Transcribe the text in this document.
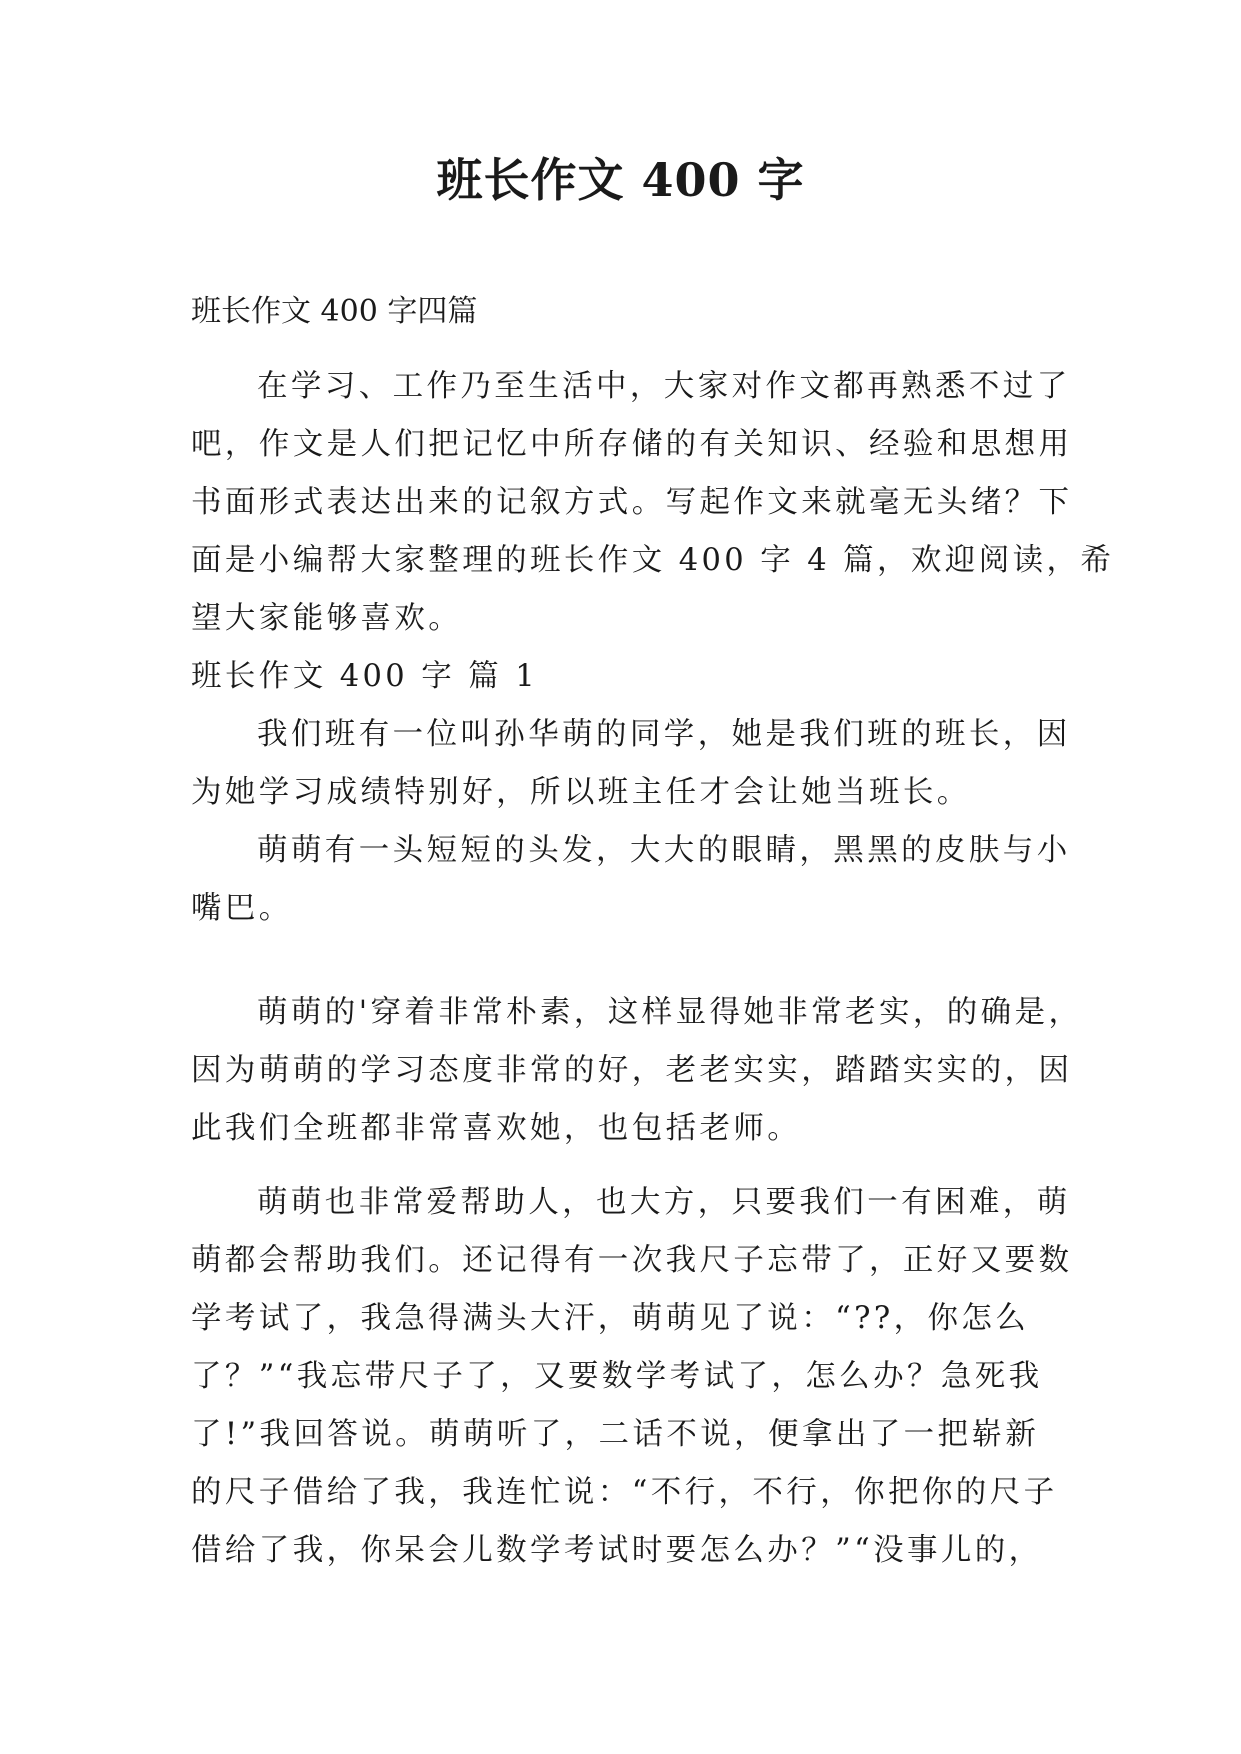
班长作文 400 字
班长作文 400 字四篇
在学习、工作乃至生活中，大家对作文都再熟悉不过了
吧，作文是人们把记忆中所存储的有关知识、经验和思想用
书面形式表达出来的记叙方式。写起作文来就毫无头绪？下
面是小编帮大家整理的班长作文 400 字 4 篇，欢迎阅读，希
望大家能够喜欢。
班长作文 400 字 篇 1
我们班有一位叫孙华萌的同学，她是我们班的班长，因
为她学习成绩特别好，所以班主任才会让她当班长。
萌萌有一头短短的头发，大大的眼睛，黑黑的皮肤与小
嘴巴。
萌萌的'穿着非常朴素，这样显得她非常老实，的确是，
因为萌萌的学习态度非常的好，老老实实，踏踏实实的，因
此我们全班都非常喜欢她，也包括老师。
萌萌也非常爱帮助人，也大方，只要我们一有困难，萌
萌都会帮助我们。还记得有一次我尺子忘带了，正好又要数
学考试了，我急得满头大汗，萌萌见了说：“??，你怎么
了？”“我忘带尺子了，又要数学考试了，怎么办？急死我
了!”我回答说。萌萌听了，二话不说，便拿出了一把崭新
的尺子借给了我，我连忙说：“不行，不行，你把你的尺子
借给了我，你呆会儿数学考试时要怎么办？”“没事儿的，
